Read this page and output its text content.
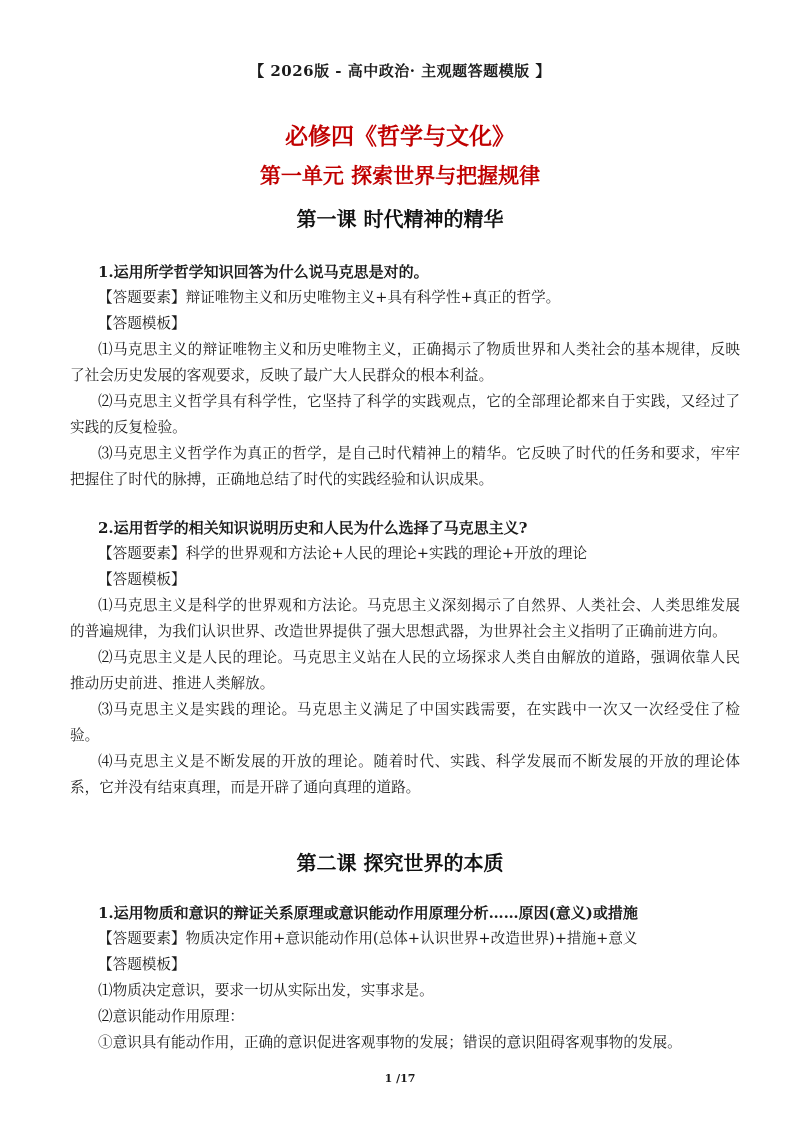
【 2026版 - 高中政治· 主观题答题模版 】
必修四《哲学与文化》
第一单元 探索世界与把握规律
第一课 时代精神的精华

1.运用所学哲学知识回答为什么说马克思是对的。

【答题要素】辩证唯物主义和历史唯物主义+具有科学性+真正的哲学。

【答题模板】

⑴马克思主义的辩证唯物主义和历史唯物主义，正确揭示了物质世界和人类社会的基本规律，反映了社会历史发展的客观要求，反映了最广大人民群众的根本利益。

⑵马克思主义哲学具有科学性，它坚持了科学的实践观点，它的全部理论都来自于实践，又经过了实践的反复检验。

⑶马克思主义哲学作为真正的哲学，是自己时代精神上的精华。它反映了时代的任务和要求，牢牢把握住了时代的脉搏，正确地总结了时代的实践经验和认识成果。

2.运用哲学的相关知识说明历史和人民为什么选择了马克思主义?

【答题要素】科学的世界观和方法论+人民的理论+实践的理论+开放的理论

【答题模板】

⑴马克思主义是科学的世界观和方法论。马克思主义深刻揭示了自然界、人类社会、人类思维发展的普遍规律，为我们认识世界、改造世界提供了强大思想武器，为世界社会主义指明了正确前进方向。

⑵马克思主义是人民的理论。马克思主义站在人民的立场探求人类自由解放的道路，强调依靠人民推动历史前进、推进人类解放。

⑶马克思主义是实践的理论。马克思主义满足了中国实践需要，在实践中一次又一次经受住了检验。

⑷马克思主义是不断发展的开放的理论。随着时代、实践、科学发展而不断发展的开放的理论体系，它并没有结束真理，而是开辟了通向真理的道路。

第二课 探究世界的本质

1.运用物质和意识的辩证关系原理或意识能动作用原理分析……原因(意义)或措施

【答题要素】物质决定作用+意识能动作用(总体+认识世界+改造世界)+措施+意义

【答题模板】

⑴物质决定意识，要求一切从实际出发，实事求是。

⑵意识能动作用原理：

①意识具有能动作用，正确的意识促进客观事物的发展；错误的意识阻碍客观事物的发展。

1 /17
